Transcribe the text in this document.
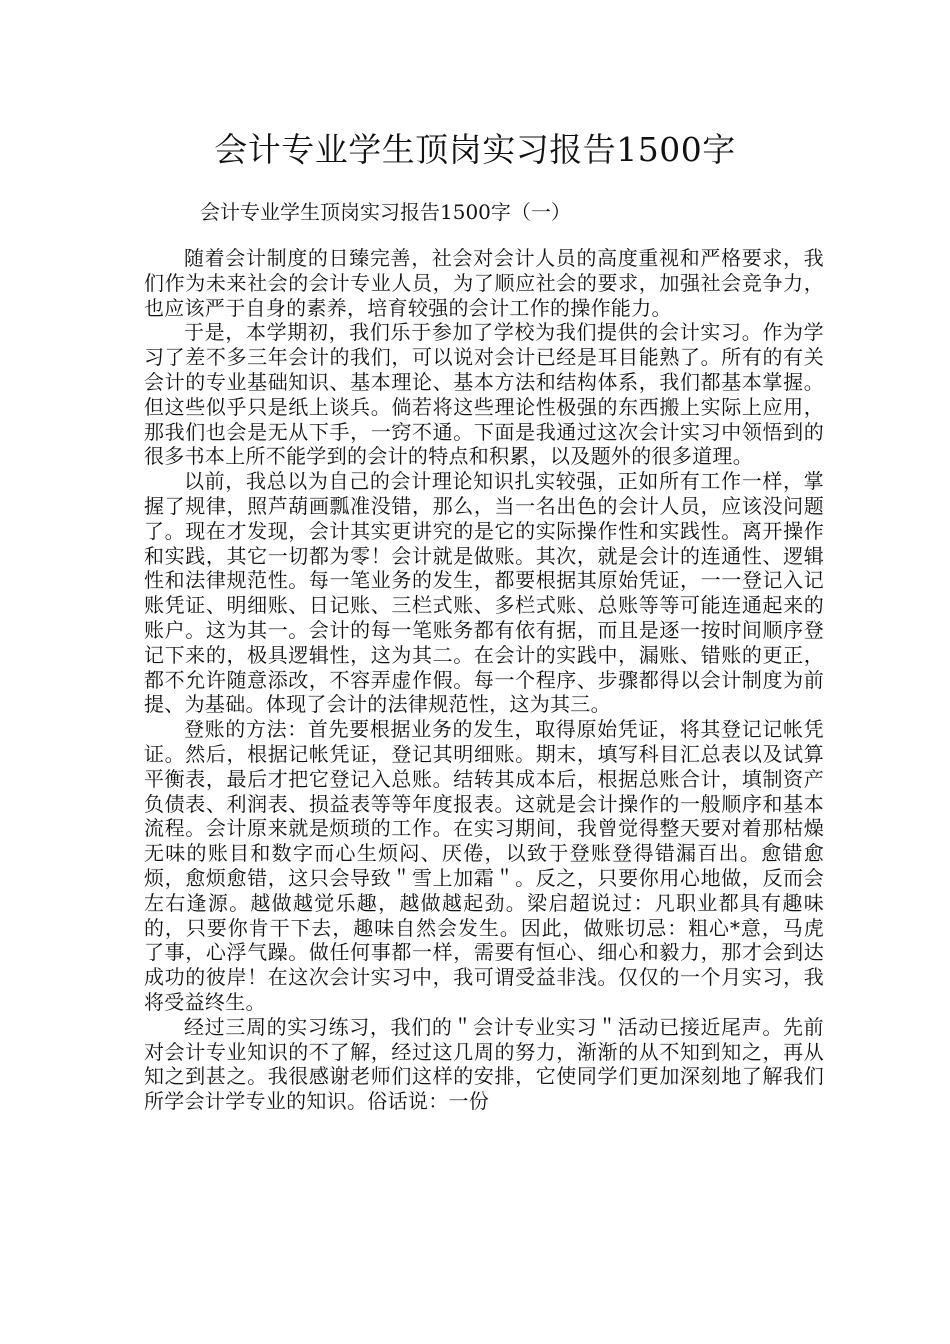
会计专业学生顶岗实习报告1500字

会计专业学生顶岗实习报告1500字（一）

随着会计制度的日臻完善，社会对会计人员的高度重视和严格要求，我们作为未来社会的会计专业人员，为了顺应社会的要求，加强社会竞争力，也应该严于自身的素养，培育较强的会计工作的操作能力。

于是，本学期初，我们乐于参加了学校为我们提供的会计实习。作为学习了差不多三年会计的我们，可以说对会计已经是耳目能熟了。所有的有关会计的专业基础知识、基本理论、基本方法和结构体系，我们都基本掌握。但这些似乎只是纸上谈兵。倘若将这些理论性极强的东西搬上实际上应用，那我们也会是无从下手，一窍不通。下面是我通过这次会计实习中领悟到的很多书本上所不能学到的会计的特点和积累，以及题外的很多道理。

以前，我总以为自己的会计理论知识扎实较强，正如所有工作一样，掌握了规律，照芦葫画瓢准没错，那么，当一名出色的会计人员，应该没问题了。现在才发现，会计其实更讲究的是它的实际操作性和实践性。离开操作和实践，其它一切都为零！会计就是做账。其次，就是会计的连通性、逻辑性和法律规范性。每一笔业务的发生，都要根据其原始凭证，一一登记入记账凭证、明细账、日记账、三栏式账、多栏式账、总账等等可能连通起来的账户。这为其一。会计的每一笔账务都有依有据，而且是逐一按时间顺序登记下来的，极具逻辑性，这为其二。在会计的实践中，漏账、错账的更正，都不允许随意添改，不容弄虚作假。每一个程序、步骤都得以会计制度为前提、为基础。体现了会计的法律规范性，这为其三。

登账的方法：首先要根据业务的发生，取得原始凭证，将其登记记帐凭证。然后，根据记帐凭证，登记其明细账。期末，填写科目汇总表以及试算平衡表，最后才把它登记入总账。结转其成本后，根据总账合计，填制资产负债表、利润表、损益表等等年度报表。这就是会计操作的一般顺序和基本流程。会计原来就是烦琐的工作。在实习期间，我曾觉得整天要对着那枯燥无味的账目和数字而心生烦闷、厌倦，以致于登账登得错漏百出。愈错愈烦，愈烦愈错，这只会导致＂雪上加霜＂。反之，只要你用心地做，反而会左右逢源。越做越觉乐趣，越做越起劲。梁启超说过：凡职业都具有趣味的，只要你肯干下去，趣味自然会发生。因此，做账切忌：粗心*意，马虎了事，心浮气躁。做任何事都一样，需要有恒心、细心和毅力，那才会到达成功的彼岸！在这次会计实习中，我可谓受益非浅。仅仅的一个月实习，我将受益终生。

经过三周的实习练习，我们的＂会计专业实习＂活动已接近尾声。先前对会计专业知识的不了解，经过这几周的努力，渐渐的从不知到知之，再从知之到甚之。我很感谢老师们这样的安排，它使同学们更加深刻地了解我们所学会计学专业的知识。俗话说：一份
